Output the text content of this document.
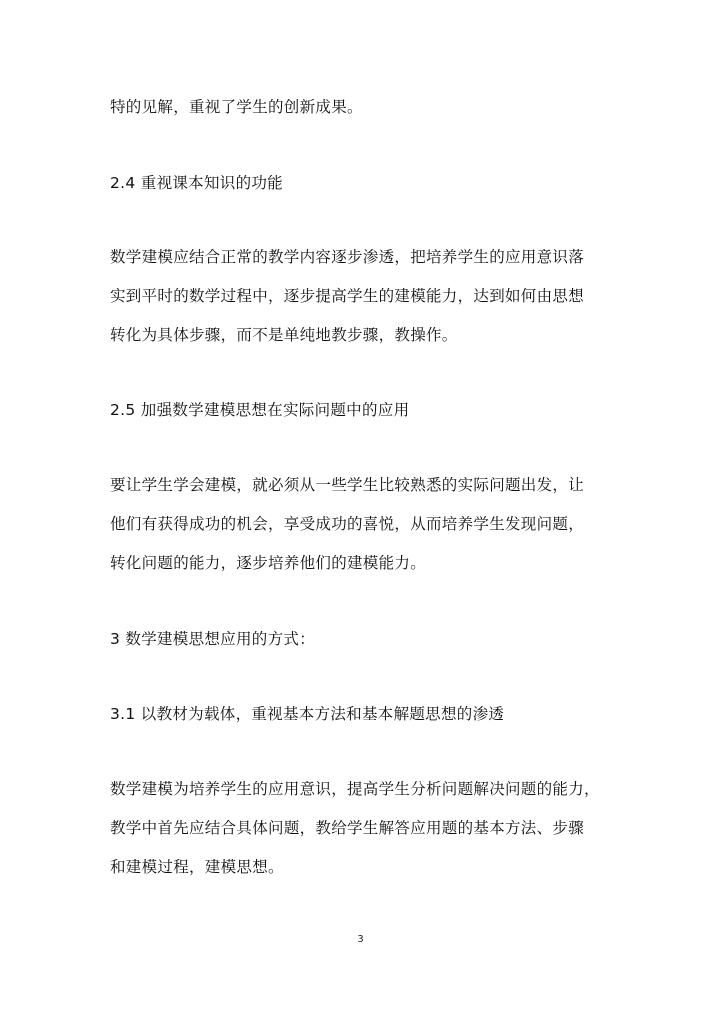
特的见解，重视了学生的创新成果。
2.4 重视课本知识的功能
数学建模应结合正常的教学内容逐步渗透，把培养学生的应用意识落
实到平时的数学过程中，逐步提高学生的建模能力，达到如何由思想
转化为具体步骤，而不是单纯地教步骤，教操作。
2.5 加强数学建模思想在实际问题中的应用
要让学生学会建模，就必须从一些学生比较熟悉的实际问题出发，让
他们有获得成功的机会，享受成功的喜悦，从而培养学生发现问题，
转化问题的能力，逐步培养他们的建模能力。
3 数学建模思想应用的方式：
3.1 以教材为载体，重视基本方法和基本解题思想的渗透
数学建模为培养学生的应用意识，提高学生分析问题解决问题的能力，
教学中首先应结合具体问题，教给学生解答应用题的基本方法、步骤
和建模过程，建模思想。
3
